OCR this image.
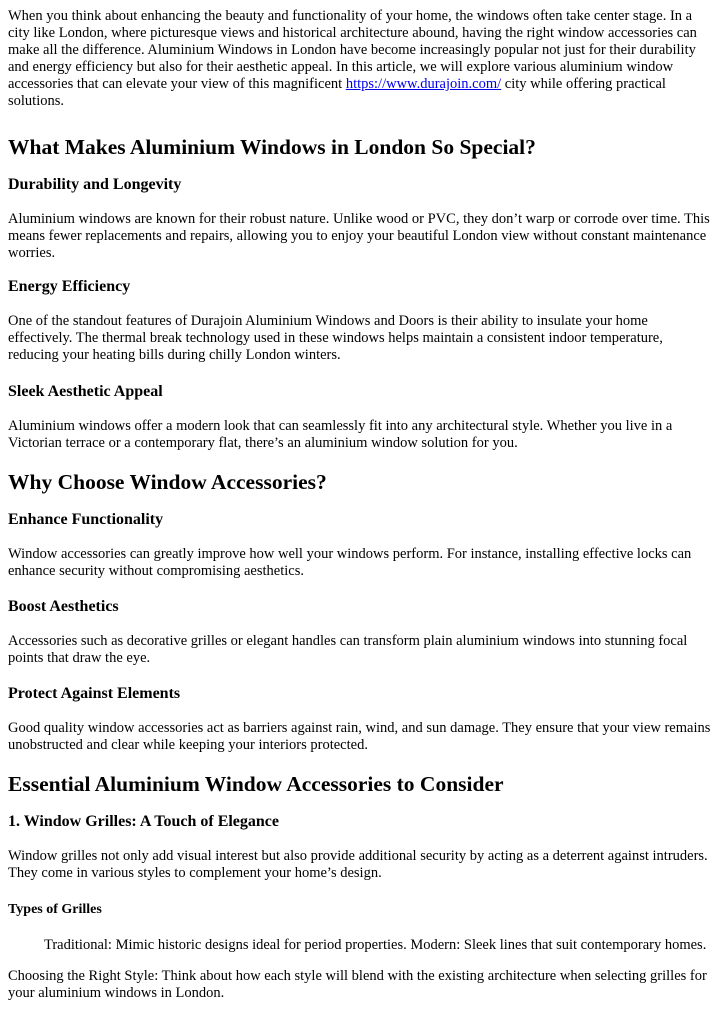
When you think about enhancing the beauty and functionality of your home, the windows often take center stage. In a city like London, where picturesque views and historical architecture abound, having the right window accessories can make all the difference. Aluminium Windows in London have become increasingly popular not just for their durability and energy efficiency but also for their aesthetic appeal. In this article, we will explore various aluminium window accessories that can elevate your view of this magnificent https://www.durajoin.com/ city while offering practical solutions.

What Makes Aluminium Windows in London So Special?
Durability and Longevity

Aluminium windows are known for their robust nature. Unlike wood or PVC, they don’t warp or corrode over time. This means fewer replacements and repairs, allowing you to enjoy your beautiful London view without constant maintenance worries.

Energy Efficiency

One of the standout features of Durajoin Aluminium Windows and Doors is their ability to insulate your home effectively. The thermal break technology used in these windows helps maintain a consistent indoor temperature, reducing your heating bills during chilly London winters.

Sleek Aesthetic Appeal

Aluminium windows offer a modern look that can seamlessly fit into any architectural style. Whether you live in a Victorian terrace or a contemporary flat, there’s an aluminium window solution for you.

Why Choose Window Accessories?
Enhance Functionality

Window accessories can greatly improve how well your windows perform. For instance, installing effective locks can enhance security without compromising aesthetics.

Boost Aesthetics

Accessories such as decorative grilles or elegant handles can transform plain aluminium windows into stunning focal points that draw the eye.

Protect Against Elements

Good quality window accessories act as barriers against rain, wind, and sun damage. They ensure that your view remains unobstructed and clear while keeping your interiors protected.

Essential Aluminium Window Accessories to Consider
1. Window Grilles: A Touch of Elegance

Window grilles not only add visual interest but also provide additional security by acting as a deterrent against intruders. They come in various styles to complement your home’s design.

Types of Grilles

Traditional: Mimic historic designs ideal for period properties. Modern: Sleek lines that suit contemporary homes.

Choosing the Right Style: Think about how each style will blend with the existing architecture when selecting grilles for your aluminium windows in London.
